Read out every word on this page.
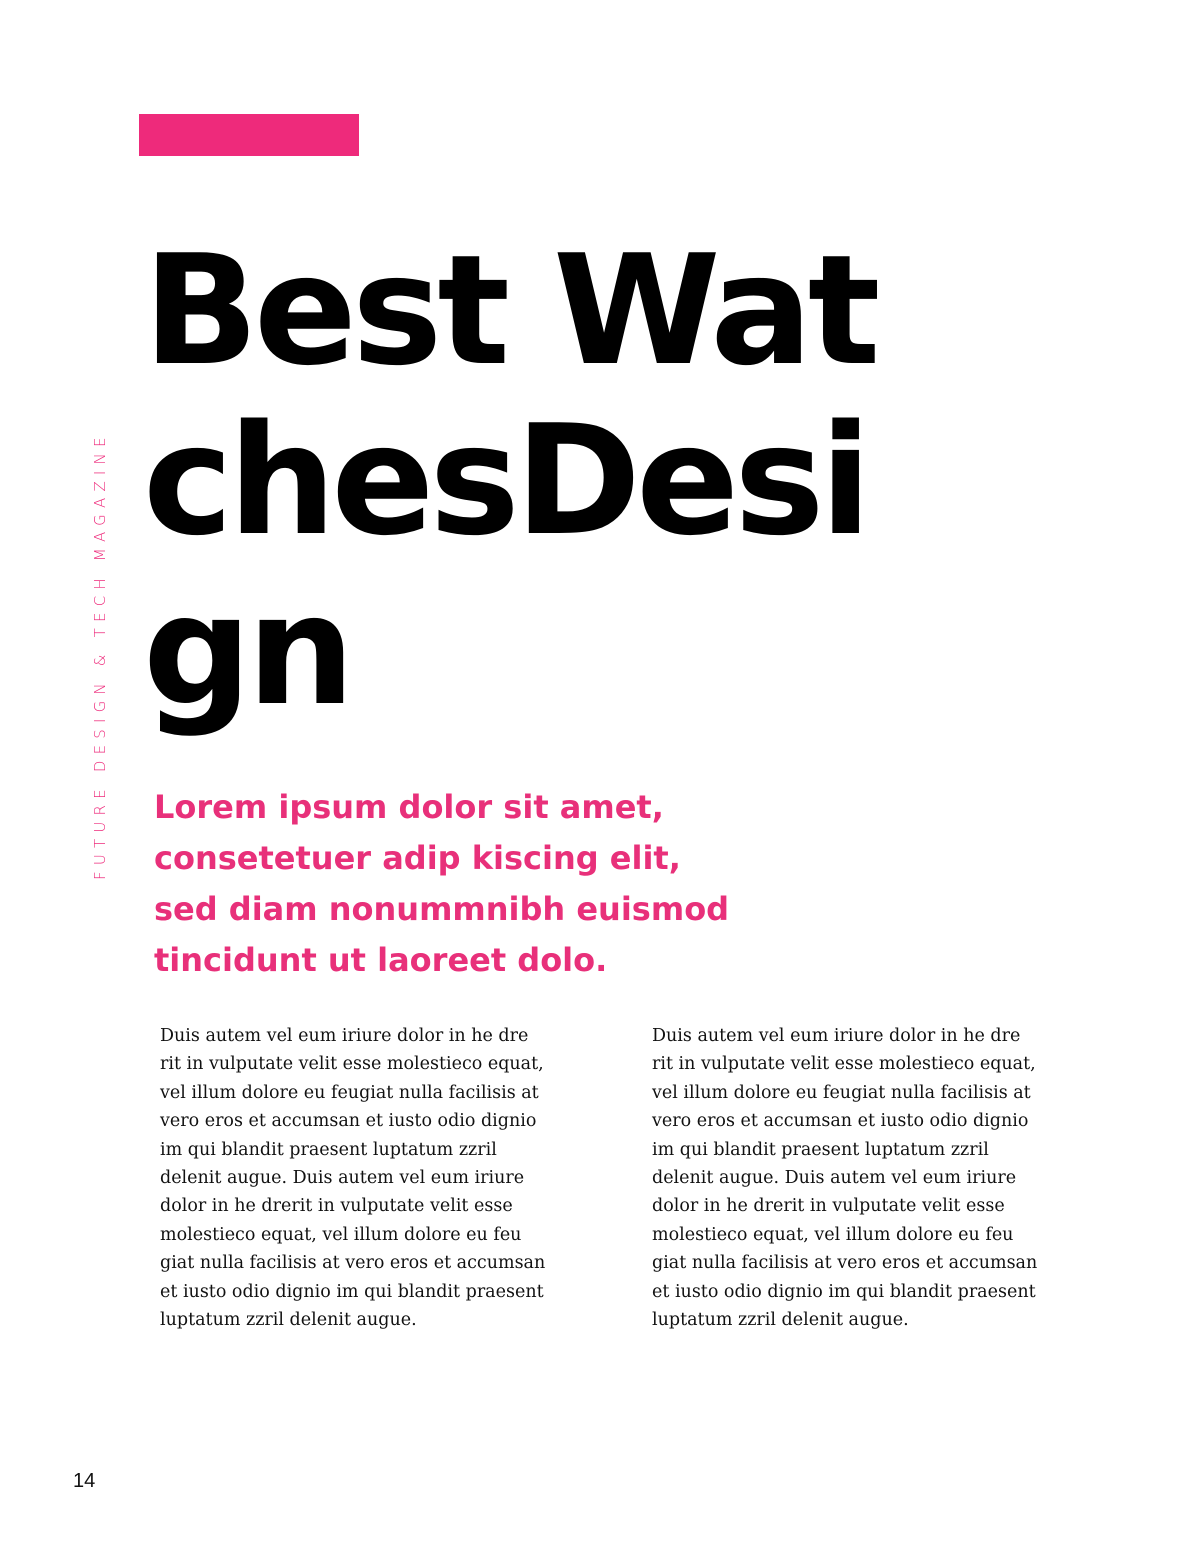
FUTURE DESIGN & TECH MAGAZINE
Best Wat
chesDesi
gn
Lorem ipsum dolor sit amet,
consetetuer adip kiscing elit,
sed diam nonummnibh euismod
tincidunt ut laoreet dolo.
Duis autem vel eum iriure dolor in he dre
rit in vulputate velit esse molestieco equat,
vel illum dolore eu feugiat nulla facilisis at
vero eros et accumsan et iusto odio dignio
im qui blandit praesent luptatum zzril
delenit augue. Duis autem vel eum iriure
dolor in he drerit in vulputate velit esse
molestieco equat, vel illum dolore eu feu
giat nulla facilisis at vero eros et accumsan
et iusto odio dignio im qui blandit praesent
luptatum zzril delenit augue.
Duis autem vel eum iriure dolor in he dre
rit in vulputate velit esse molestieco equat,
vel illum dolore eu feugiat nulla facilisis at
vero eros et accumsan et iusto odio dignio
im qui blandit praesent luptatum zzril
delenit augue. Duis autem vel eum iriure
dolor in he drerit in vulputate velit esse
molestieco equat, vel illum dolore eu feu
giat nulla facilisis at vero eros et accumsan
et iusto odio dignio im qui blandit praesent
luptatum zzril delenit augue.
14
